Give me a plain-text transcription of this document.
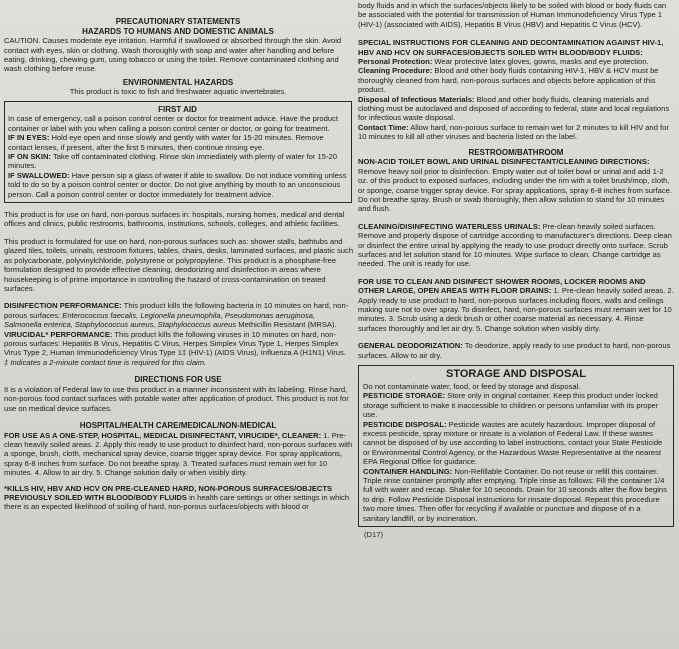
PRECAUTIONARY STATEMENTS

HAZARDS TO HUMANS AND DOMESTIC ANIMALS

CAUTION. Causes moderate eye irritation. Harmful if swallowed or absorbed through the skin. Avoid contact with eyes, skin or clothing. Wash thoroughly with soap and water after handling and before eating, drinking, chewing gum, using tobacco or using the toilet. Remove contaminated clothing and wash clothing before reuse.

ENVIRONMENTAL HAZARDS

This product is toxic to fish and freshwater aquatic invertebrates.

FIRST AID

In case of emergency, call a poison control center or doctor for treatment advice. Have the product container or label with you when calling a poison control center or doctor, or going for treatment.

IF IN EYES: Hold eye open and rinse slowly and gently with water for 15-20 minutes. Remove contact lenses, if present, after the first 5 minutes, then continue rinsing eye.

IF ON SKIN: Take off contaminated clothing. Rinse skin immediately with plenty of water for 15-20 minutes.

IF SWALLOWED: Have person sip a glass of water if able to swallow. Do not induce vomiting unless told to do so by a poison control center or doctor. Do not give anything by mouth to an unconscious person. Call a poison control center or doctor immediately for treatment advice.

This product is for use on hard, non-porous surfaces in: hospitals, nursing homes, medical and dental offices and clinics, public restrooms, bathrooms, institutions, schools, colleges, and athletic facilities.

This product is formulated for use on hard, non-porous surfaces such as: shower stalls, bathtubs and glazed tiles, toilets, urinals, restroom fixtures, tables, chairs, desks, laminated surfaces, and plastic such as polycarbonate, polyvinylchloride, polystyrene or polypropylene. This product is a phosphate-free formulation designed to provide effective cleaning, deodorizing and disinfection in areas where housekeeping is of prime importance in controlling the hazard of cross-contamination on treated surfaces.

DISINFECTION PERFORMANCE: This product kills the following bacteria in 10 minutes on hard, non-porous surfaces: Enterococcus faecalis, Legionella pneumophila, Pseudomonas aeruginosa, Salmonella enterica, Staphylococcus aureus, Staphylococcus aureus Methicillin Resistant (MRSA).

VIRUCIDAL* PERFORMANCE: This product kills the following viruses in 10 minutes on hard, non-porous surfaces: Hepatitis B Virus, Hepatitis C Virus, Herpes Simplex Virus Type 1, Herpes Simplex Virus Type 2, Human Immunodeficiency Virus Type 1‡ (HIV-1) (AIDS Virus), Influenza A (H1N1) Virus.

‡ Indicates a 2-minute contact time is required for this claim.

DIRECTIONS FOR USE

It is a violation of Federal law to use this product in a manner inconsistent with its labeling. Rinse hard, non-porous food contact surfaces with potable water after application of product. This product is not for use on medical device surfaces.

HOSPITAL/HEALTH CARE/MEDICAL/NON-MEDICAL

FOR USE AS A ONE-STEP, HOSPITAL, MEDICAL DISINFECTANT, VIRUCIDE*, CLEANER: 1. Pre-clean heavily soiled areas. 2. Apply this ready to use product to disinfect hard, non-porous surfaces with a sponge, brush, cloth, mechanical spray device, coarse trigger spray device. For spray applications, spray 6-8 inches from surface. Do not breathe spray. 3. Treated surfaces must remain wet for 10 minutes. 4. Allow to air dry. 5. Change solution daily or when visibly dirty.

*KILLS HIV, HBV AND HCV ON PRE-CLEANED HARD, NON-POROUS SURFACES/OBJECTS PREVIOUSLY SOILED WITH BLOOD/BODY FLUIDS in health care settings or other settings in which there is an expected likelihood of soiling of hard, non-porous surfaces/objects with blood or

body fluids and in which the surfaces/objects likely to be soiled with blood or body fluids can be associated with the potential for transmission of Human Immunodeficiency Virus Type 1 (HIV-1) (associated with AIDS), Hepatitis B Virus (HBV) and Hepatitis C Virus (HCV).

SPECIAL INSTRUCTIONS FOR CLEANING AND DECONTAMINATION AGAINST HIV-1, HBV AND HCV ON SURFACES/OBJECTS SOILED WITH BLOOD/BODY FLUIDS:

Personal Protection: Wear protective latex gloves, gowns, masks and eye protection.

Cleaning Procedure: Blood and other body fluids containing HIV-1, HBV & HCV must be thoroughly cleaned from hard, non-porous surfaces and objects before application of this product.

Disposal of Infectious Materials: Blood and other body fluids, cleaning materials and clothing must be autoclaved and disposed of according to federal, state and local regulations for infectious waste disposal.

Contact Time: Allow hard, non-porous surface to remain wet for 2 minutes to kill HIV and for 10 minutes to kill all other viruses and bacteria listed on the label.

RESTROOM/BATHROOM

NON-ACID TOILET BOWL AND URINAL DISINFECTANT/CLEANING DIRECTIONS:

Remove heavy soil prior to disinfection. Empty water out of toilet bowl or urinal and add 1-2 oz. of this product to exposed surfaces, including under the rim with a toilet brush/mop, cloth, or sponge, coarse trigger spray device. For spray applications, spray 6-8 inches from surface. Do not breathe spray. Brush or swab thoroughly, then allow solution to stand for 10 minutes and flush.

CLEANING/DISINFECTING WATERLESS URINALS: Pre-clean heavily soiled surfaces. Remove and properly dispose of cartridge according to manufacturer's directions. Deep clean or disinfect the entire urinal by applying the ready to use product directly onto surface. Scrub surfaces and let solution stand for 10 minutes. Wipe surface to clean. Change cartridge as needed. The unit is ready for use.

FOR USE TO CLEAN AND DISINFECT SHOWER ROOMS, LOCKER ROOMS AND OTHER LARGE, OPEN AREAS WITH FLOOR DRAINS: 1. Pre-clean heavily soiled areas. 2. Apply ready to use product to hard, non-porous surfaces including floors, walls and ceilings making sure not to over spray. To disinfect, hard, non-porous surfaces must remain wet for 10 minutes. 3. Scrub using a deck brush or other coarse material as necessary. 4. Rinse surfaces thoroughly and let air dry. 5. Change solution when visibly dirty.

GENERAL DEODORIZATION: To deodorize, apply ready to use product to hard, non-porous surfaces. Allow to air dry.

STORAGE AND DISPOSAL

Do not contaminate water, food, or feed by storage and disposal.

PESTICIDE STORAGE: Store only in original container. Keep this product under locked storage sufficient to make it inaccessible to children or persons unfamiliar with its proper use.

PESTICIDE DISPOSAL: Pesticide wastes are acutely hazardous. Improper disposal of excess pesticide, spray mixture or rinsate is a violation of Federal Law. If these wastes cannot be disposed of by use according to label instructions, contact your State Pesticide or Environmental Control Agency, or the Hazardous Waste Representative at the nearest EPA Regional Office for guidance.

CONTAINER HANDLING: Non-Refillable Container. Do not reuse or refill this container. Triple rinse container promptly after emptying. Triple rinse as follows: Fill the container 1/4 full with water and recap. Shake for 10 seconds. Drain for 10 seconds after the flow begins to drip. Follow Pesticide Disposal instructions for rinsate disposal. Repeat this procedure two more times. Then offer for recycling if available or puncture and dispose of in a sanitary landfill, or by incineration.

(D17)
